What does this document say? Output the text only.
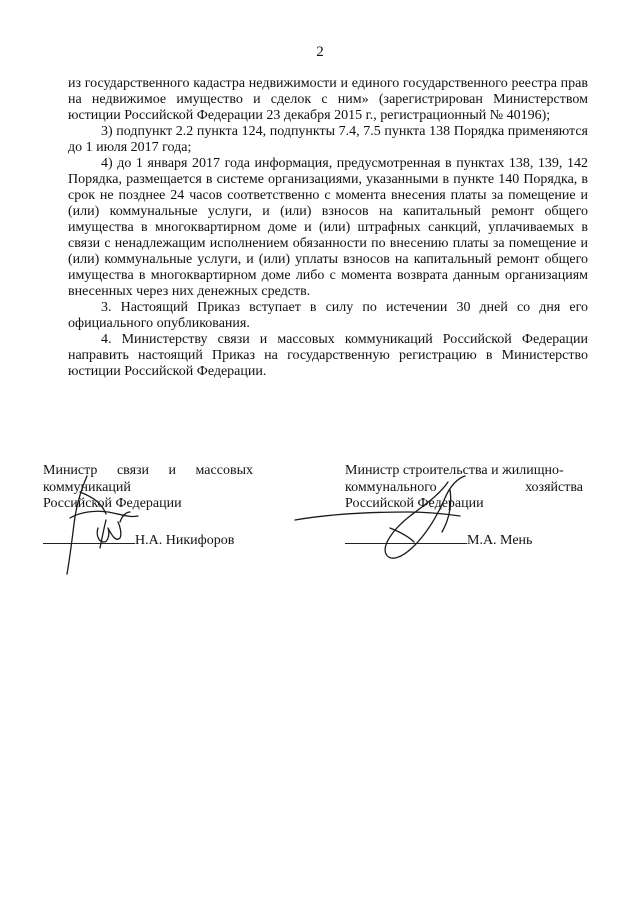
2

из государственного кадастра недвижимости и единого государственного реестра прав на недвижимое имущество и сделок с ним» (зарегистрирован Министерством юстиции Российской Федерации 23 декабря 2015 г., регистрационный № 40196);

3) подпункт 2.2 пункта 124, подпункты 7.4, 7.5 пункта 138 Порядка применяются до 1 июля 2017 года;

4) до 1 января 2017 года информация, предусмотренная в пунктах 138, 139, 142 Порядка, размещается в системе организациями, указанными в пункте 140 Порядка, в срок не позднее 24 часов соответственно с момента внесения платы за помещение и (или) коммунальные услуги, и (или) взносов на капитальный ремонт общего имущества в многоквартирном доме и (или) штрафных санкций, уплачиваемых в связи с ненадлежащим исполнением обязанности по внесению платы за помещение и (или) коммунальные услуги, и (или) уплаты взносов на капитальный ремонт общего имущества в многоквартирном доме либо с момента возврата данным организациям внесенных через них денежных средств.

3. Настоящий Приказ вступает в силу по истечении 30 дней со дня его официального опубликования.

4. Министерству связи и массовых коммуникаций Российской Федерации направить настоящий Приказ на государственную регистрацию в Министерство юстиции Российской Федерации.

Министр связи и массовых
коммуникаций
Российской Федерации
Н.А. Никифоров
Министр строительства и жилищно-
коммунального	хозяйства
Российской Федерации
М.А. Мень
